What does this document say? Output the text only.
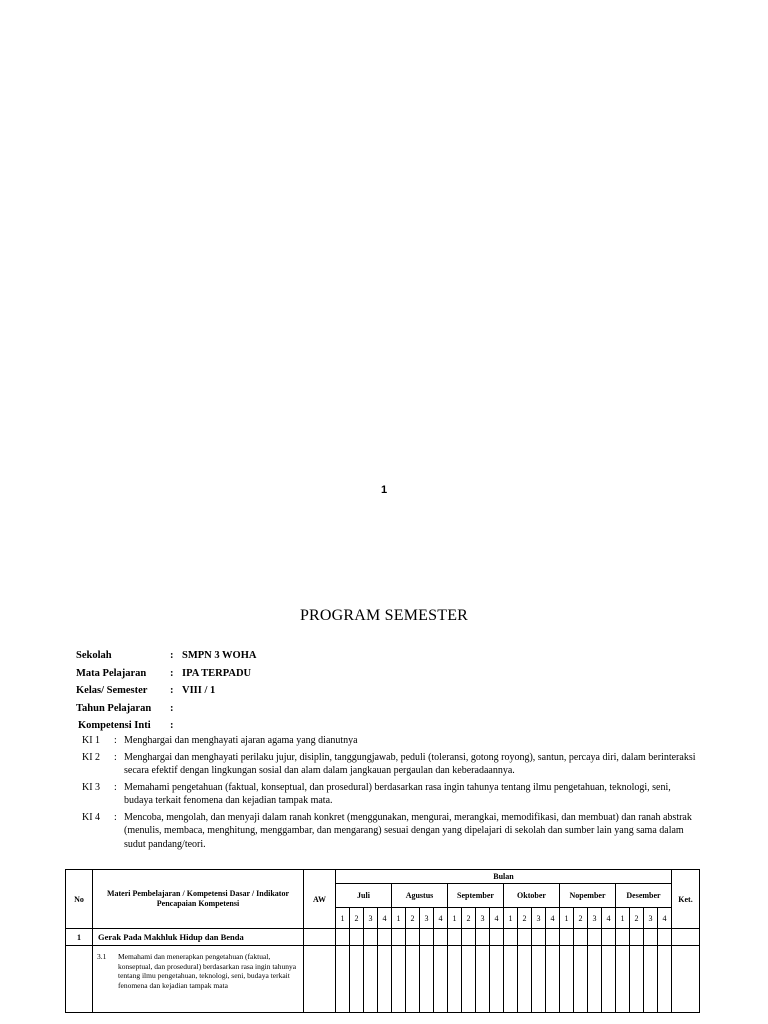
1
PROGRAM SEMESTER
Sekolah	: SMPN 3 WOHA
Mata Pelajaran	: IPA TERPADU
Kelas/ Semester	: VIII / 1
Tahun Pelajaran	:
Kompetensi Inti	:
KI 1	: Menghargai dan menghayati ajaran agama yang dianutnya
KI 2	: Menghargai dan menghayati perilaku jujur, disiplin, tanggungjawab, peduli (toleransi, gotong royong), santun, percaya diri, dalam berinteraksi secara efektif dengan lingkungan sosial dan alam dalam jangkauan pergaulan dan keberadaannya.
KI 3	: Memahami pengetahuan (faktual, konseptual, dan prosedural) berdasarkan rasa ingin tahunya tentang ilmu pengetahuan, teknologi, seni, budaya terkait fenomena dan kejadian tampak mata.
KI 4	: Mencoba, mengolah, dan menyaji dalam ranah konkret (menggunakan, mengurai, merangkai, memodifikasi, dan membuat) dan ranah abstrak (menulis, membaca, menghitung, menggambar, dan mengarang) sesuai dengan yang dipelajari di sekolah dan sumber lain yang sama dalam sudut pandang/teori.
No	Materi Pembelajaran / Kompetensi Dasar / Indikator Pencapaian Kompetensi	AW	Bulan																								Ket.
			Juli				Agustus				September				Oktober				Nopember				Desember				
			1	2	3	4	1	2	3	4	1	2	3	4	1	2	3	4	1	2	3	4	1	2	3	4	
1	Gerak Pada Makhluk Hidup dan Benda																										

	3.1 Memahami dan menerapkan pengetahuan (faktual, konseptual, dan prosedural) berdasarkan rasa ingin tahunya tentang ilmu pengetahuan, teknologi, seni, budaya terkait fenomena dan kejadian tampak mata																										
